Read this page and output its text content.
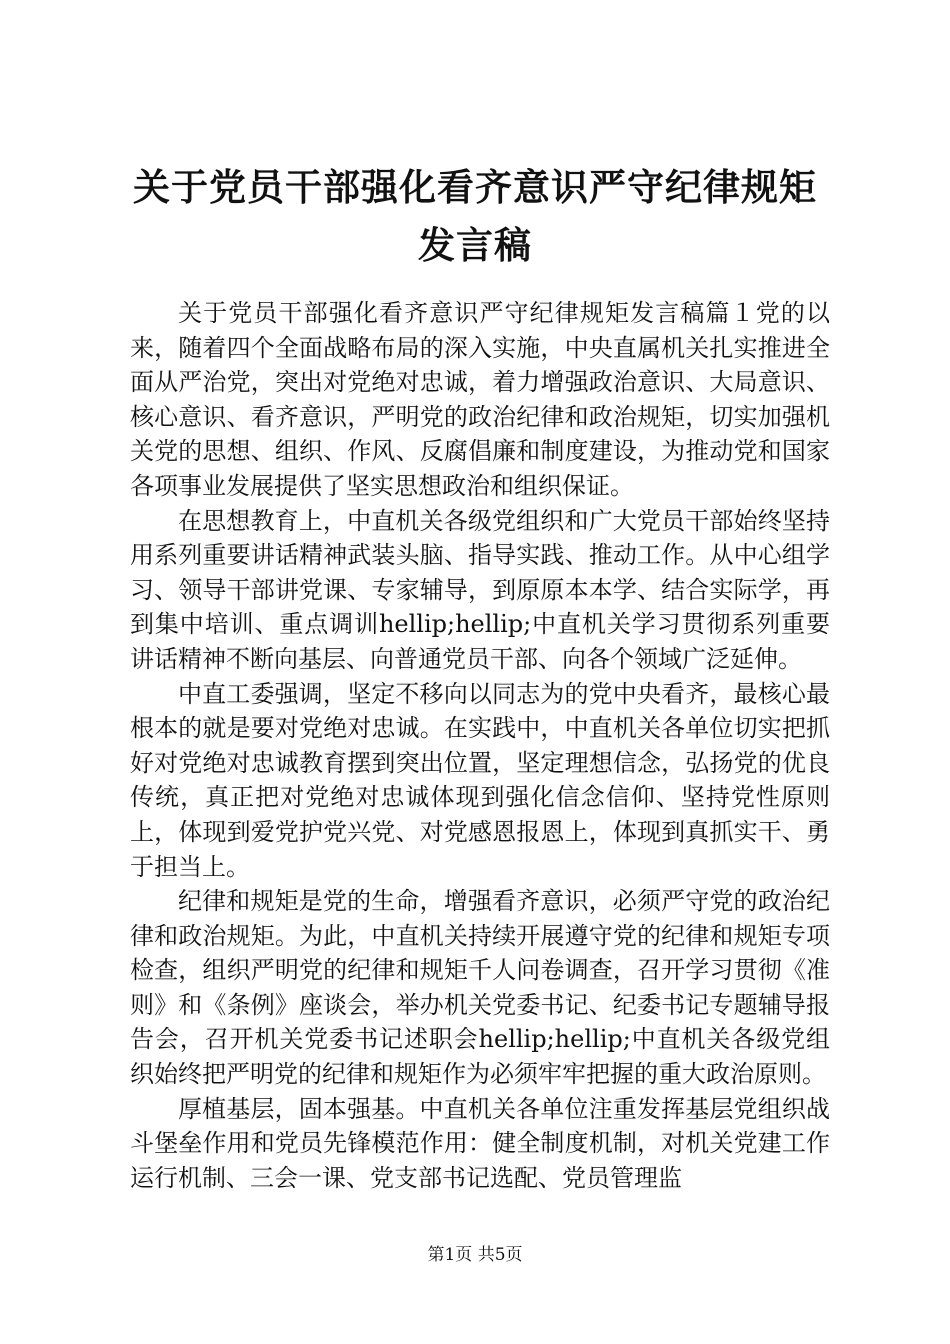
关于党员干部强化看齐意识严守纪律规矩发言稿

关于党员干部强化看齐意识严守纪律规矩发言稿篇１党的以来，随着四个全面战略布局的深入实施，中央直属机关扎实推进全面从严治党，突出对党绝对忠诚，着力增强政治意识、大局意识、核心意识、看齐意识，严明党的政治纪律和政治规矩，切实加强机关党的思想、组织、作风、反腐倡廉和制度建设，为推动党和国家各项事业发展提供了坚实思想政治和组织保证。

在思想教育上，中直机关各级党组织和广大党员干部始终坚持用系列重要讲话精神武装头脑、指导实践、推动工作。从中心组学习、领导干部讲党课、专家辅导，到原原本本学、结合实际学，再到集中培训、重点调训hellip;hellip;中直机关学习贯彻系列重要讲话精神不断向基层、向普通党员干部、向各个领域广泛延伸。

中直工委强调，坚定不移向以同志为的党中央看齐，最核心最根本的就是要对党绝对忠诚。在实践中，中直机关各单位切实把抓好对党绝对忠诚教育摆到突出位置，坚定理想信念，弘扬党的优良传统，真正把对党绝对忠诚体现到强化信念信仰、坚持党性原则上，体现到爱党护党兴党、对党感恩报恩上，体现到真抓实干、勇于担当上。

纪律和规矩是党的生命，增强看齐意识，必须严守党的政治纪律和政治规矩。为此，中直机关持续开展遵守党的纪律和规矩专项检查，组织严明党的纪律和规矩千人问卷调查，召开学习贯彻《准则》和《条例》座谈会，举办机关党委书记、纪委书记专题辅导报告会，召开机关党委书记述职会hellip;hellip;中直机关各级党组织始终把严明党的纪律和规矩作为必须牢牢把握的重大政治原则。

厚植基层，固本强基。中直机关各单位注重发挥基层党组织战斗堡垒作用和党员先锋模范作用：健全制度机制，对机关党建工作运行机制、三会一课、党支部书记选配、党员管理监

第1页 共5页
